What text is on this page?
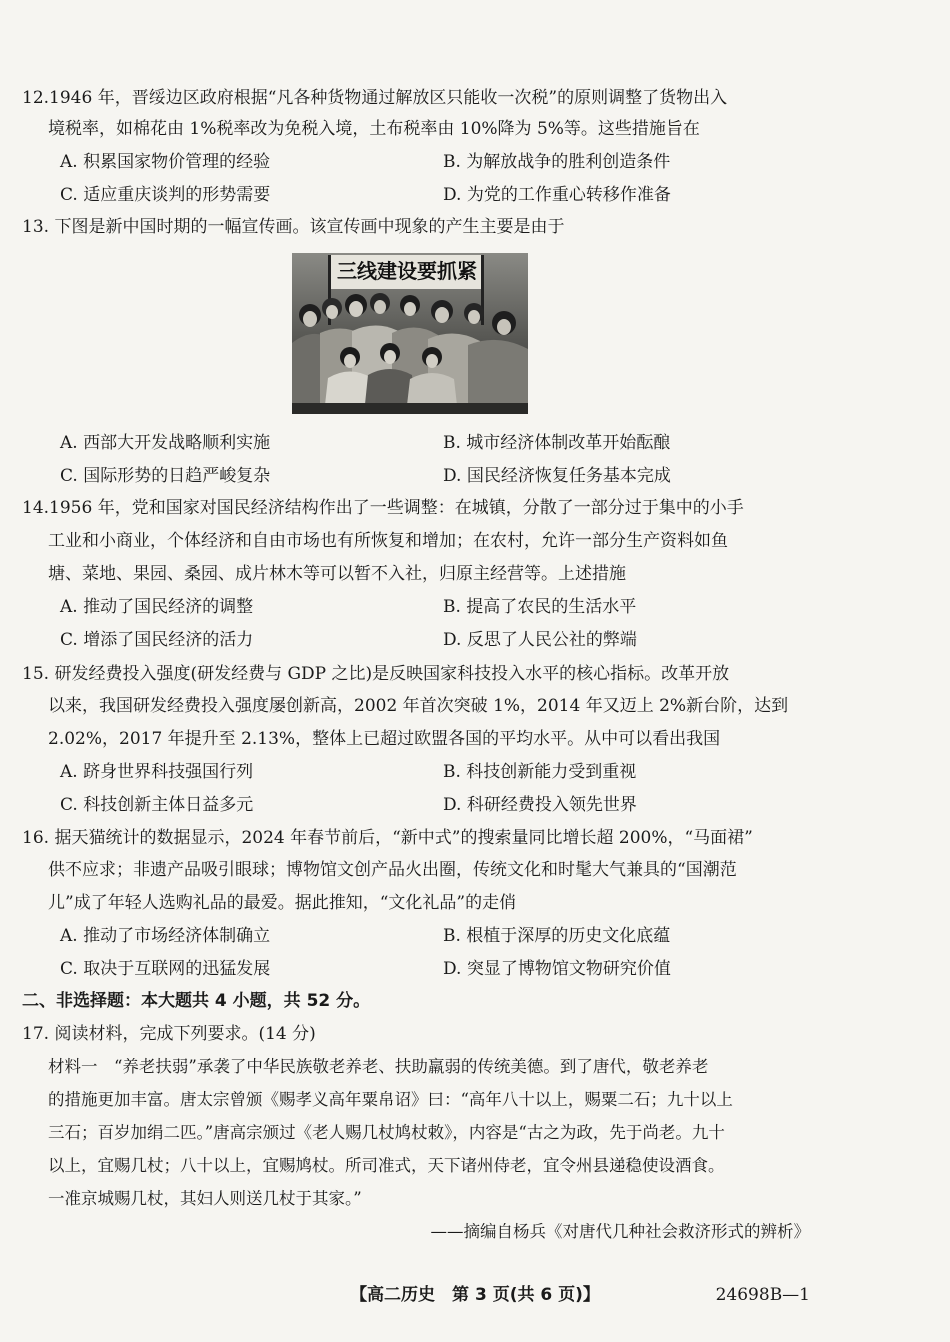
12.1946 年，晋绥边区政府根据“凡各种货物通过解放区只能收一次税”的原则调整了货物出入
境税率，如棉花由 1%税率改为免税入境，土布税率由 10%降为 5%等。这些措施旨在
A. 积累国家物价管理的经验	B. 为解放战争的胜利创造条件
C. 适应重庆谈判的形势需要	D. 为党的工作重心转移作准备
13. 下图是新中国时期的一幅宣传画。该宣传画中现象的产生主要是由于
三线建设要抓紧
A. 西部大开发战略顺利实施	B. 城市经济体制改革开始酝酿
C. 国际形势的日趋严峻复杂	D. 国民经济恢复任务基本完成
14.1956 年，党和国家对国民经济结构作出了一些调整：在城镇，分散了一部分过于集中的小手
工业和小商业，个体经济和自由市场也有所恢复和增加；在农村，允许一部分生产资料如鱼
塘、菜地、果园、桑园、成片林木等可以暂不入社，归原主经营等。上述措施
A. 推动了国民经济的调整	B. 提高了农民的生活水平
C. 增添了国民经济的活力	D. 反思了人民公社的弊端
15. 研发经费投入强度(研发经费与 GDP 之比)是反映国家科技投入水平的核心指标。改革开放
以来，我国研发经费投入强度屡创新高，2002 年首次突破 1%，2014 年又迈上 2%新台阶，达到
2.02%，2017 年提升至 2.13%，整体上已超过欧盟各国的平均水平。从中可以看出我国
A. 跻身世界科技强国行列	B. 科技创新能力受到重视
C. 科技创新主体日益多元	D. 科研经费投入领先世界
16. 据天猫统计的数据显示，2024 年春节前后，“新中式”的搜索量同比增长超 200%，“马面裙”
供不应求；非遗产品吸引眼球；博物馆文创产品火出圈，传统文化和时髦大气兼具的“国潮范
儿”成了年轻人选购礼品的最爱。据此推知，“文化礼品”的走俏
A. 推动了市场经济体制确立	B. 根植于深厚的历史文化底蕴
C. 取决于互联网的迅猛发展	D. 突显了博物馆文物研究价值
二、非选择题：本大题共 4 小题，共 52 分。
17. 阅读材料，完成下列要求。(14 分)
材料一　“养老扶弱”承袭了中华民族敬老养老、扶助羸弱的传统美德。到了唐代，敬老养老
的措施更加丰富。唐太宗曾颁《赐孝义高年粟帛诏》曰：“高年八十以上，赐粟二石；九十以上
三石；百岁加绢二匹。”唐高宗颁过《老人赐几杖鸠杖敕》，内容是“古之为政，先于尚老。九十
以上，宜赐几杖；八十以上，宜赐鸠杖。所司准式，天下诸州侍老，宜令州县递稳使设酒食。
一准京城赐几杖，其妇人则送几杖于其家。”
——摘编自杨兵《对唐代几种社会救济形式的辨析》
【高二历史　第 3 页(共 6 页)】	24698B—1
